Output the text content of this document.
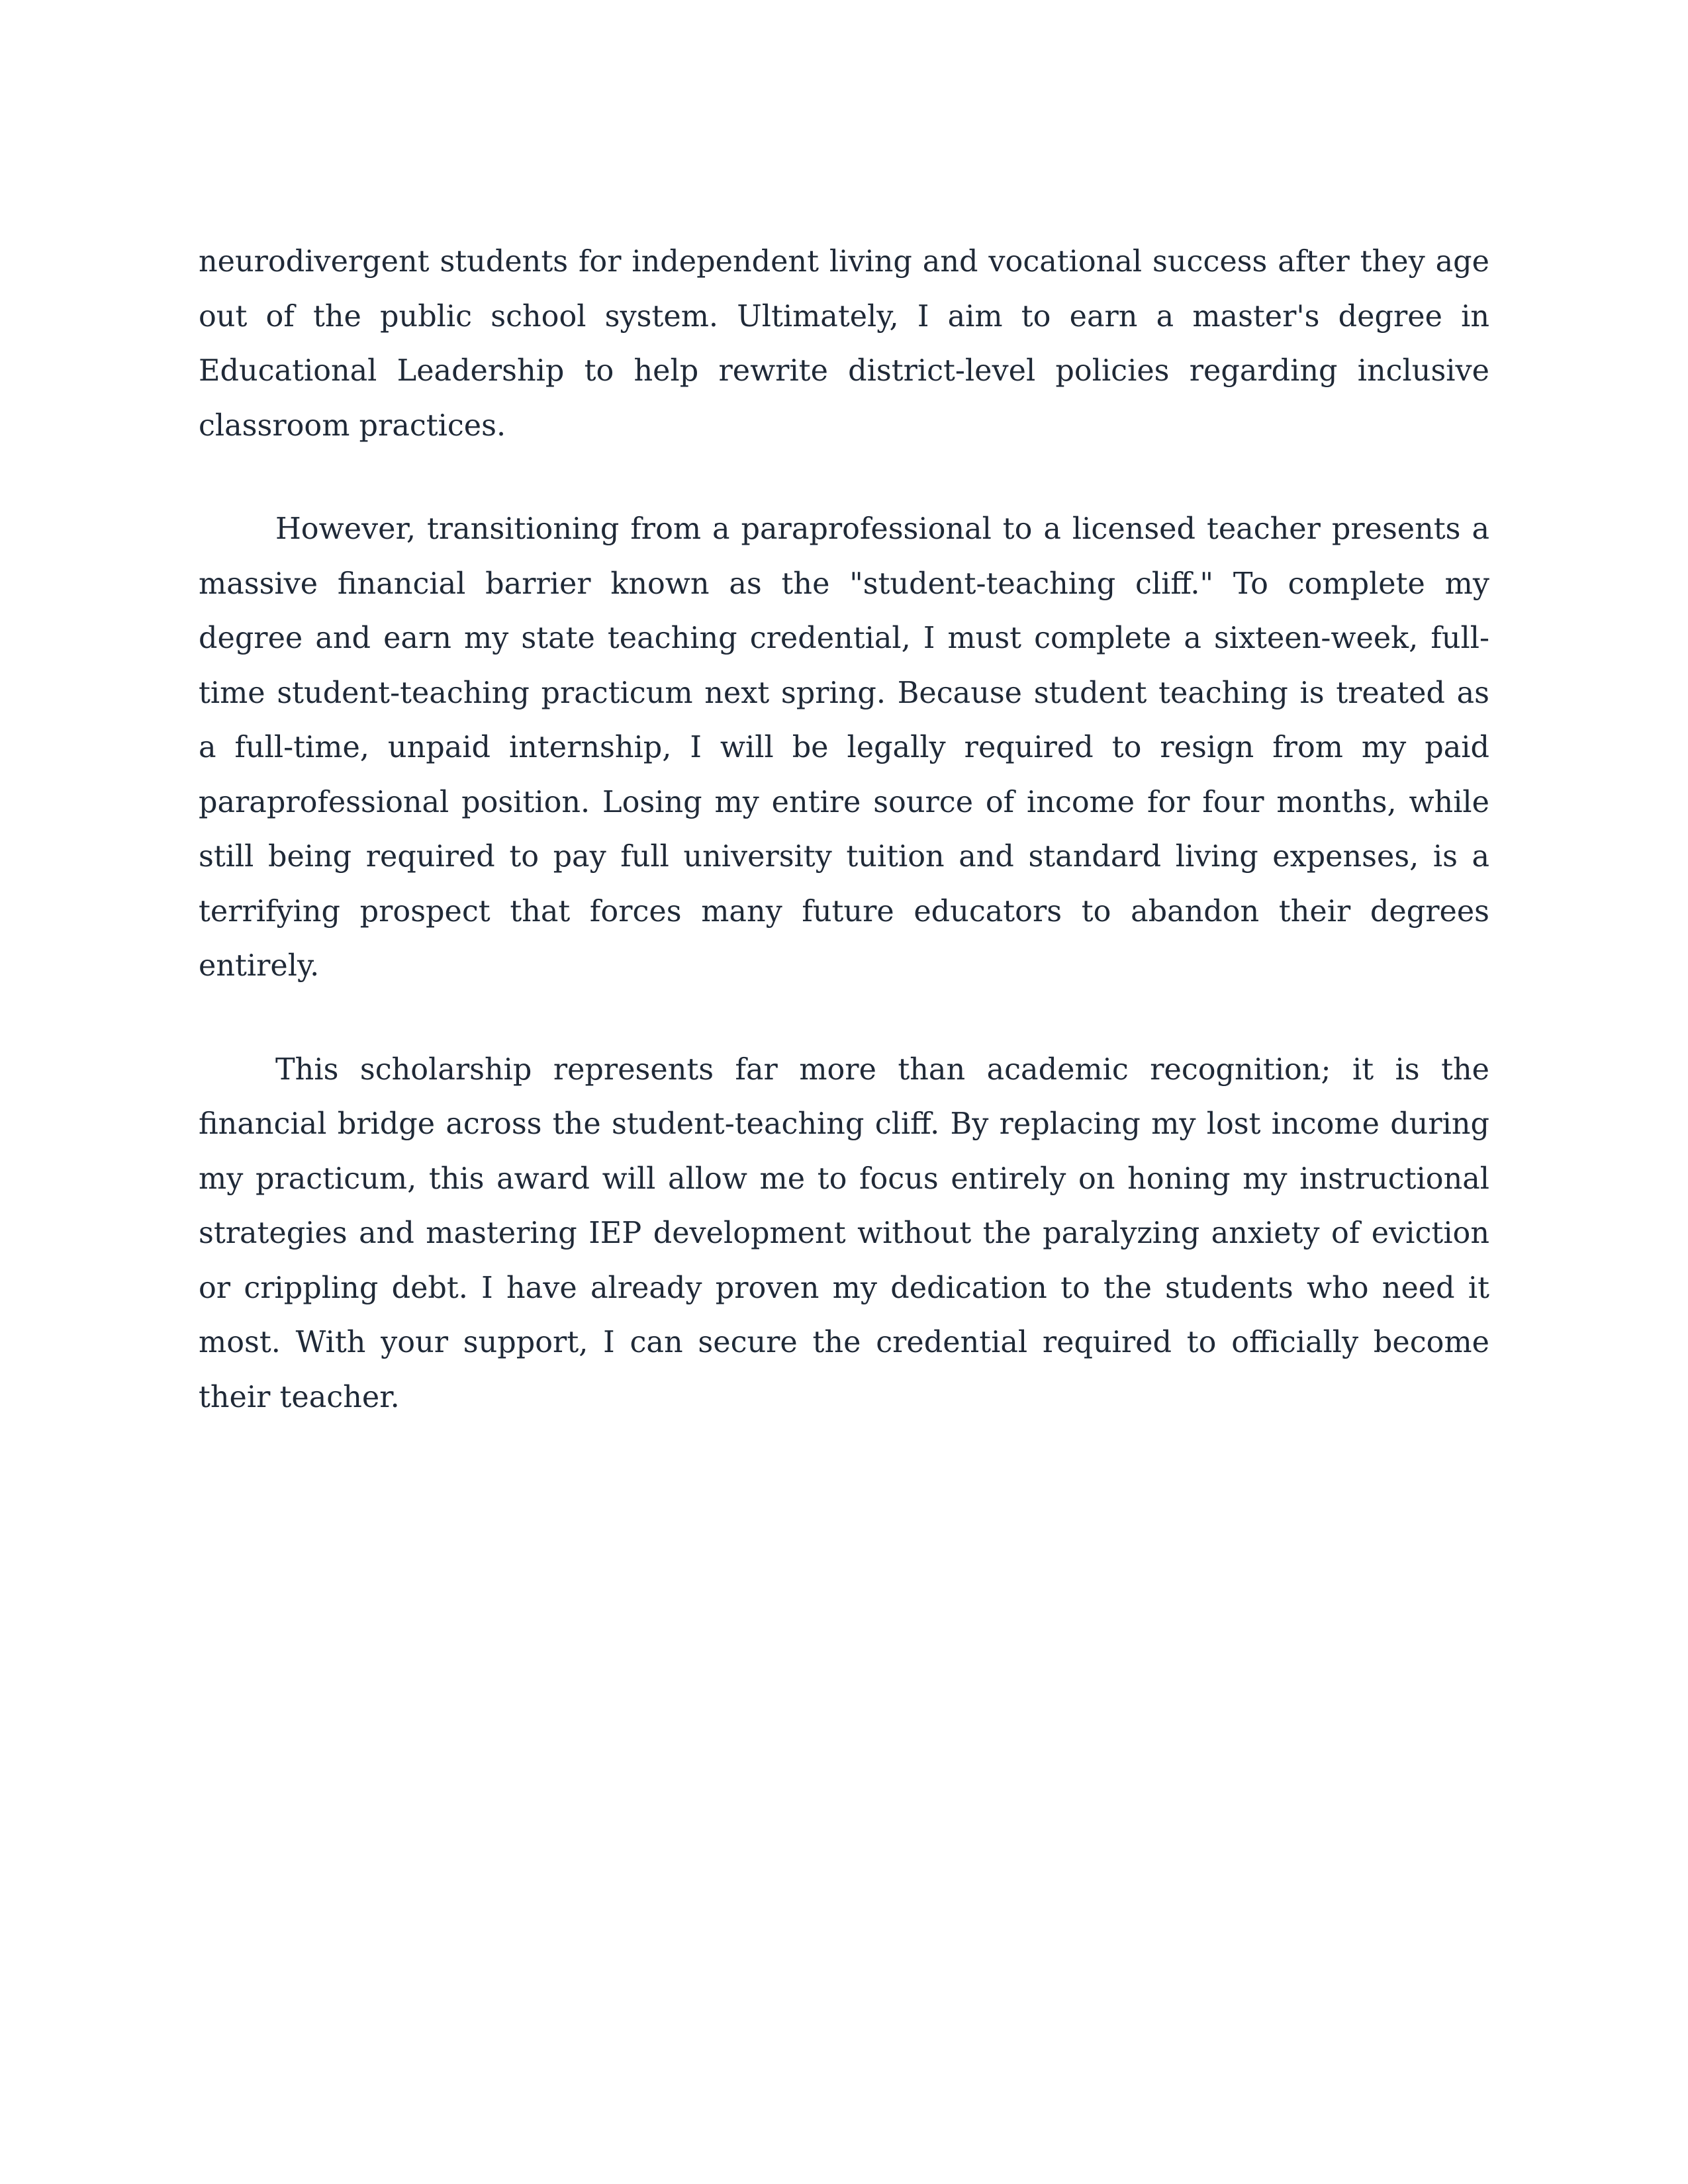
neurodivergent students for independent living and vocational success after they age out of the public school system. Ultimately, I aim to earn a master's degree in Educational Leadership to help rewrite district-level policies regarding inclusive classroom practices.

However, transitioning from a paraprofessional to a licensed teacher presents a massive financial barrier known as the "student-teaching cliff." To complete my degree and earn my state teaching credential, I must complete a sixteen-week, full-time student-teaching practicum next spring. Because student teaching is treated as a full-time, unpaid internship, I will be legally required to resign from my paid paraprofessional position. Losing my entire source of income for four months, while still being required to pay full university tuition and standard living expenses, is a terrifying prospect that forces many future educators to abandon their degrees entirely.

This scholarship represents far more than academic recognition; it is the financial bridge across the student-teaching cliff. By replacing my lost income during my practicum, this award will allow me to focus entirely on honing my instructional strategies and mastering IEP development without the paralyzing anxiety of eviction or crippling debt. I have already proven my dedication to the students who need it most. With your support, I can secure the credential required to officially become their teacher.
